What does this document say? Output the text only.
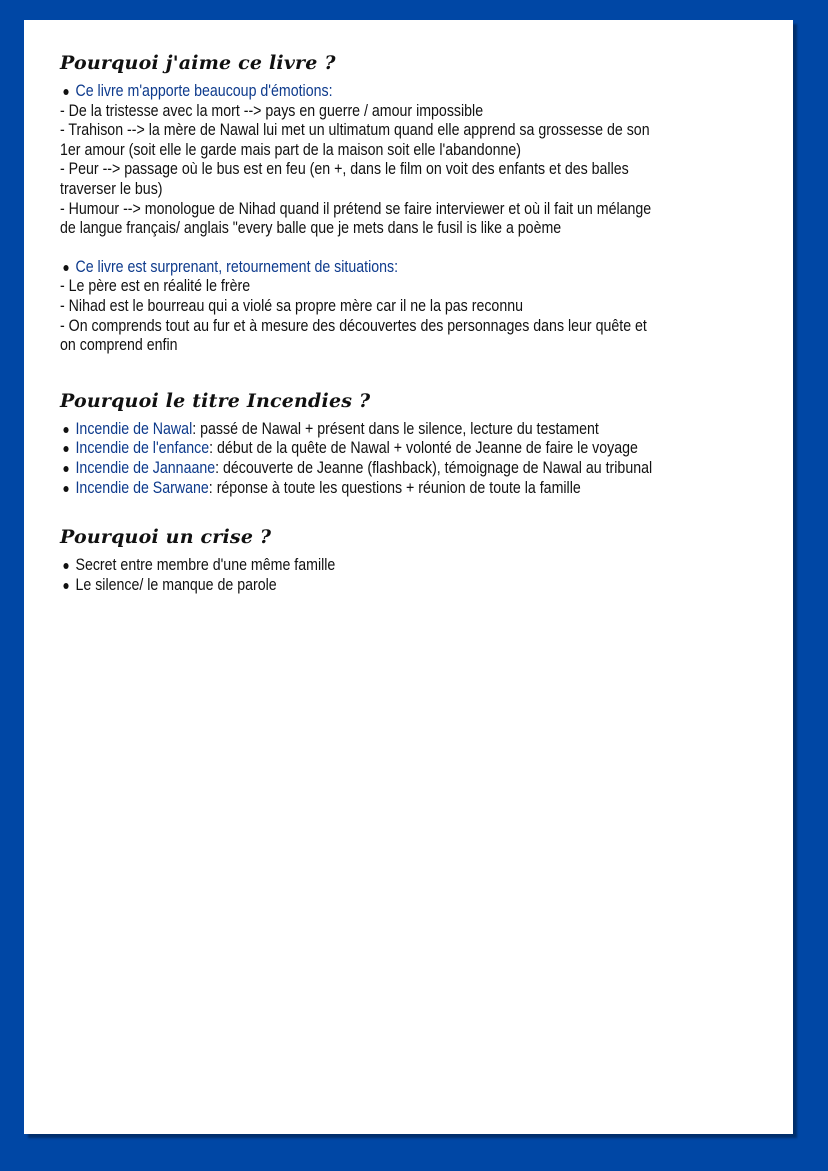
Pourquoi j'aime ce livre ?
Ce livre m'apporte beaucoup d'émotions:
- De la tristesse avec la mort --> pays en guerre / amour impossible
- Trahison --> la mère de Nawal lui met un ultimatum quand elle apprend sa grossesse de son
1er amour (soit elle le garde mais part de la maison soit elle l'abandonne)
- Peur --> passage où le bus est en feu (en +, dans le film on voit des enfants et des balles
traverser le bus)
- Humour --> monologue de Nihad quand il prétend se faire interviewer et où il fait un mélange
de langue français/ anglais "every balle que je mets dans le fusil is like a poème
Ce livre est surprenant, retournement de situations:
- Le père est en réalité le frère
- Nihad est le bourreau qui a violé sa propre mère car il ne la pas reconnu
- On comprends tout au fur et à mesure des découvertes des personnages dans leur quête et
on comprend enfin
Pourquoi le titre Incendies ?
Incendie de Nawal: passé de Nawal + présent dans le silence, lecture du testament
Incendie de l'enfance: début de la quête de Nawal + volonté de Jeanne de faire le voyage
Incendie de Jannaane: découverte de Jeanne (flashback), témoignage de Nawal au tribunal
Incendie de Sarwane: réponse à toute les questions + réunion de toute la famille
Pourquoi un crise ?
Secret entre membre d'une même famille
Le silence/ le manque de parole
